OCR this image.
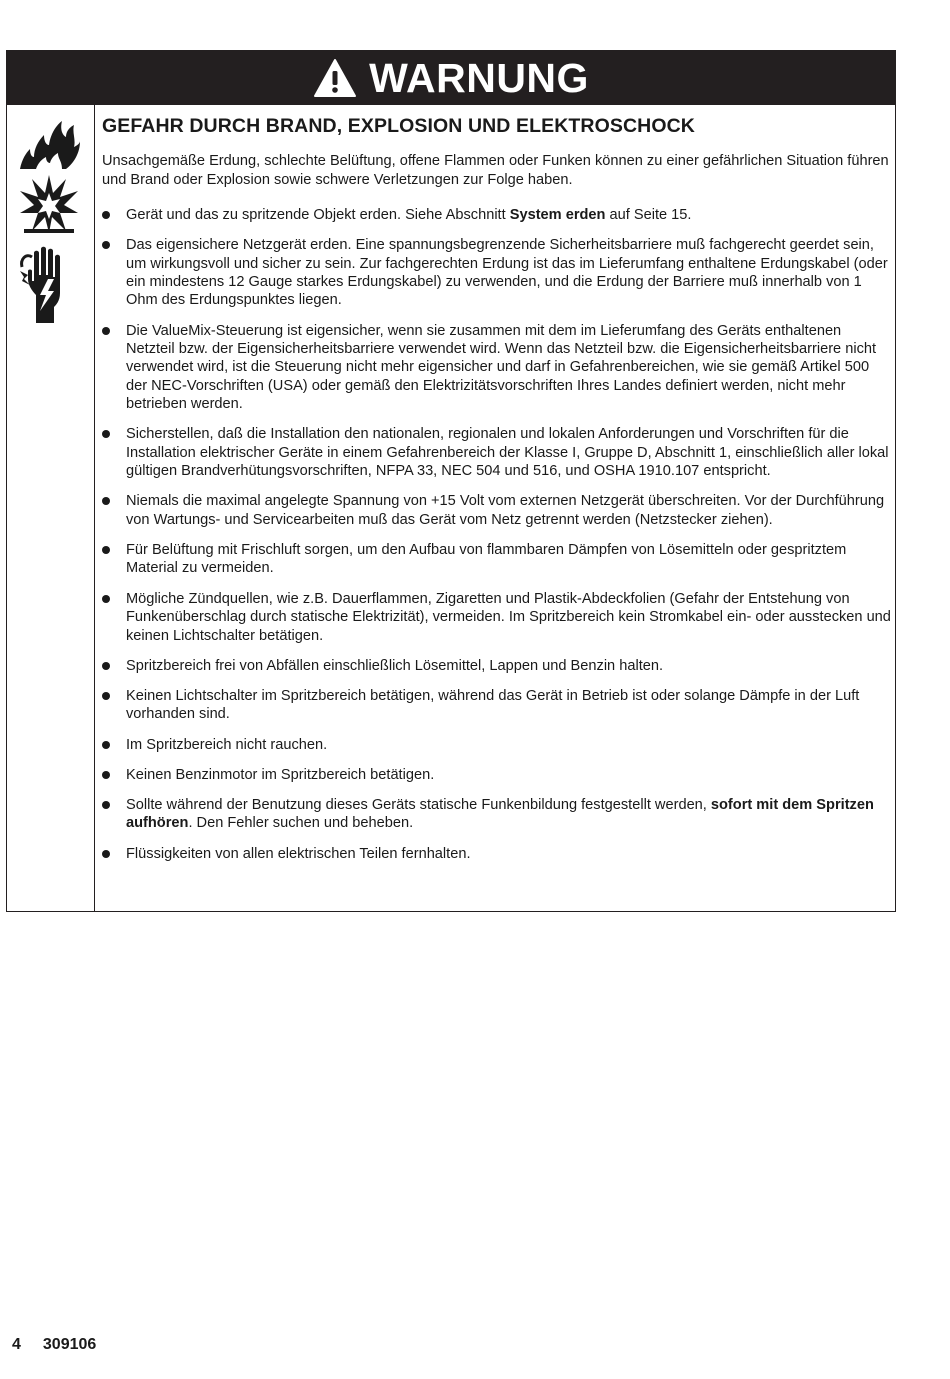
WARNUNG
GEFAHR DURCH BRAND, EXPLOSION UND ELEKTROSCHOCK

Unsachgemäße Erdung, schlechte Belüftung, offene Flammen oder Funken können zu einer gefährlichen Situation führen und Brand oder Explosion sowie schwere Verletzungen zur Folge haben.

Gerät und das zu spritzende Objekt erden. Siehe Abschnitt System erden auf Seite 15.
Das eigensichere Netzgerät erden. Eine spannungsbegrenzende Sicherheitsbarriere muß fachgerecht geerdet sein, um wirkungsvoll und sicher zu sein. Zur fachgerechten Erdung ist das im Lieferumfang enthaltene Erdungskabel (oder ein mindestens 12 Gauge starkes Erdungskabel) zu verwenden, und die Erdung der Barriere muß innerhalb von 1 Ohm des Erdungspunktes liegen.
Die ValueMix-Steuerung ist eigensicher, wenn sie zusammen mit dem im Lieferumfang des Geräts enthaltenen Netzteil bzw. der Eigensicherheitsbarriere verwendet wird. Wenn das Netzteil bzw. die Eigensicherheitsbarriere nicht verwendet wird, ist die Steuerung nicht mehr eigensicher und darf in Gefahrenbereichen, wie sie gemäß Artikel 500 der NEC-Vorschriften (USA) oder gemäß den Elektrizitätsvorschriften Ihres Landes definiert werden, nicht mehr betrieben werden.
Sicherstellen, daß die Installation den nationalen, regionalen und lokalen Anforderungen und Vorschriften für die Installation elektrischer Geräte in einem Gefahrenbereich der Klasse I, Gruppe D, Abschnitt 1, einschließlich aller lokal gültigen Brandverhütungsvorschriften, NFPA 33, NEC 504 und 516, und OSHA 1910.107 entspricht.
Niemals die maximal angelegte Spannung von +15 Volt vom externen Netzgerät überschreiten. Vor der Durchführung von Wartungs- und Servicearbeiten muß das Gerät vom Netz getrennt werden (Netzstecker ziehen).
Für Belüftung mit Frischluft sorgen, um den Aufbau von flammbaren Dämpfen von Lösemitteln oder gespritztem Material zu vermeiden.
Mögliche Zündquellen, wie z.B. Dauerflammen, Zigaretten und Plastik-Abdeckfolien (Gefahr der Entstehung von Funkenüberschlag durch statische Elektrizität), vermeiden. Im Spritzbereich kein Stromkabel ein- oder ausstecken und keinen Lichtschalter betätigen.
Spritzbereich frei von Abfällen einschließlich Lösemittel, Lappen und Benzin halten.
Keinen Lichtschalter im Spritzbereich betätigen, während das Gerät in Betrieb ist oder solange Dämpfe in der Luft vorhanden sind.
Im Spritzbereich nicht rauchen.
Keinen Benzinmotor im Spritzbereich betätigen.
Sollte während der Benutzung dieses Geräts statische Funkenbildung festgestellt werden, sofort mit dem Spritzen aufhören. Den Fehler suchen und beheben.
Flüssigkeiten von allen elektrischen Teilen fernhalten.
4 309106
